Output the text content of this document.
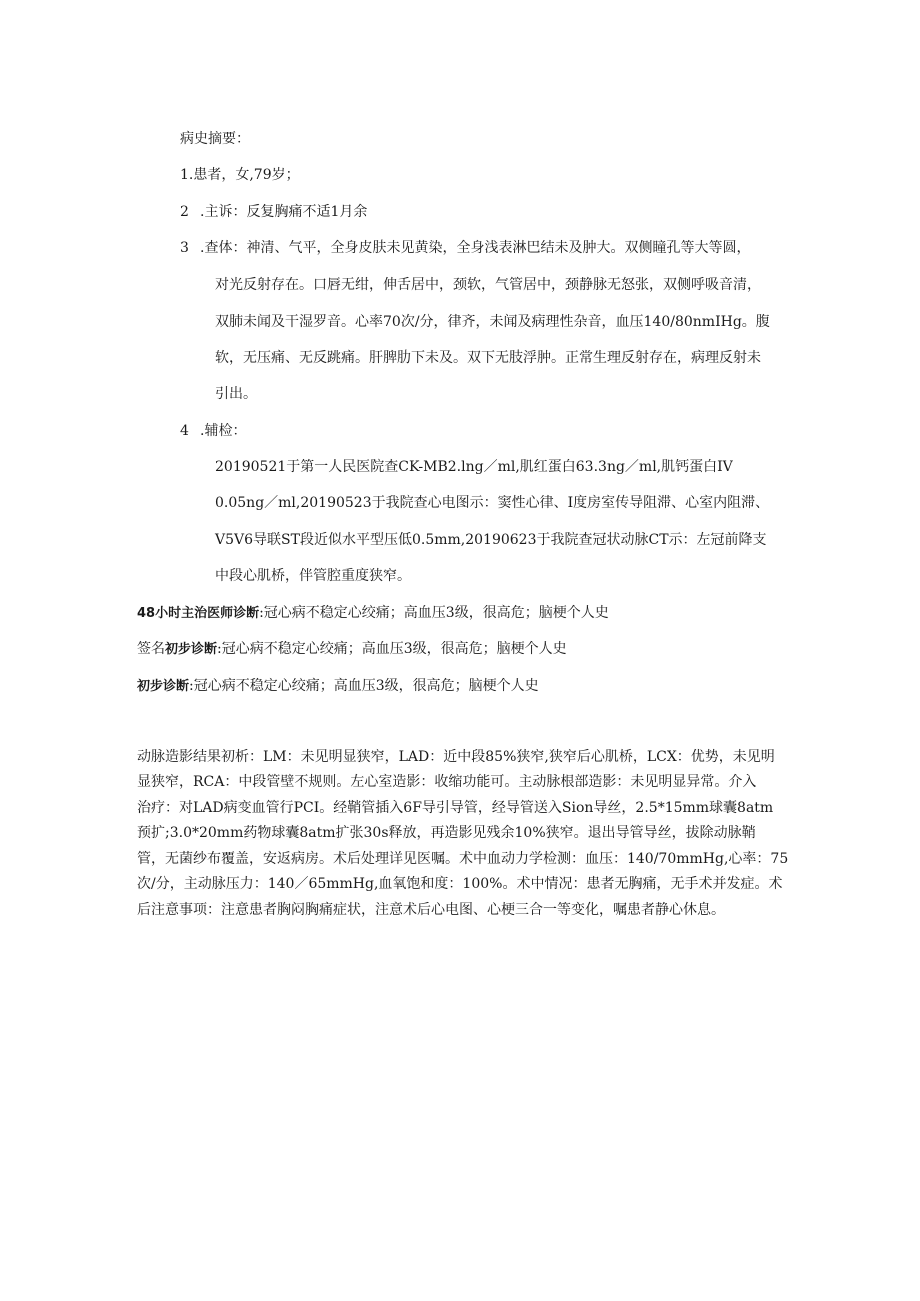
病史摘要：
1.患者，女,79岁；
2 .主诉：反复胸痛不适1月余
3 .查体：神清、气平，全身皮肤未见黄染，全身浅表淋巴结未及肿大。双侧瞳孔等大等圆，
对光反射存在。口唇无绀，伸舌居中，颈软，气管居中，颈静脉无怒张，双侧呼吸音清，
双肺未闻及干湿罗音。心率70次/分，律齐，未闻及病理性杂音，血压140/80nmIHg。腹
软，无压痛、无反跳痛。肝脾肋下未及。双下无肢浮肿。正常生理反射存在，病理反射未
引出。
4 .辅检：
20190521于第一人民医院查CK-MB2.lng／ml,肌红蛋白63.3ng／ml,肌钙蛋白IV
0.05ng／ml,20190523于我院查心电图示：窦性心律、I度房室传导阻滞、心室内阻滞、
V5V6导联ST段近似水平型压低0.5mm,20190623于我院查冠状动脉CT示：左冠前降支
中段心肌桥，伴管腔重度狭窄。
48小时主治医师诊断:冠心病不稳定心绞痛；高血压3级，很高危；脑梗个人史
签名初步诊断:冠心病不稳定心绞痛；高血压3级，很高危；脑梗个人史
初步诊断:冠心病不稳定心绞痛；高血压3级，很高危；脑梗个人史
动脉造影结果初析：LM：未见明显狭窄，LAD：近中段85%狭窄,狭窄后心肌桥，LCX：优势，未见明
显狭窄，RCA：中段管壁不规则。左心室造影：收缩功能可。主动脉根部造影：未见明显异常。介入
治疗：对LAD病变血管行PCI。经鞘管插入6F导引导管，经导管送入Sion导丝，2.5*15mm球囊8atm
预扩;3.0*20mm药物球囊8atm扩张30s释放，再造影见残余10%狭窄。退出导管导丝，拔除动脉鞘
管，无菌纱布覆盖，安返病房。术后处理详见医嘱。术中血动力学检测：血压：140/70mmHg,心率：75
次/分，主动脉压力：140／65mmHg,血氧饱和度：100%。术中情况：患者无胸痛，无手术并发症。术
后注意事项：注意患者胸闷胸痛症状，注意术后心电图、心梗三合一等变化，嘱患者静心休息。
